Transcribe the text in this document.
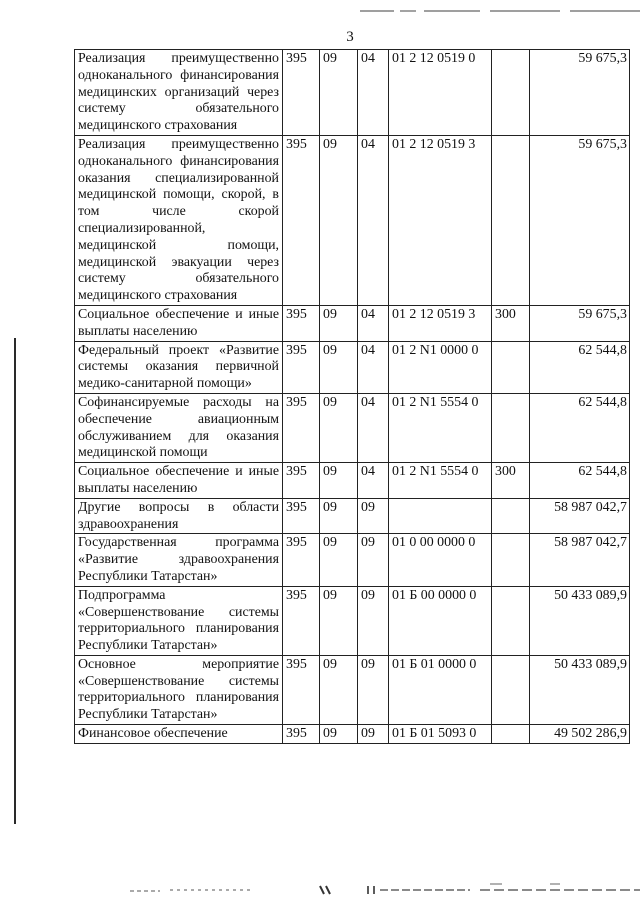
3
Реализация преимущественно одноканального финансирования медицинских организаций через систему обязательного медицинского страхования	395	09	04	01 2 12 0519 0		59 675,3
Реализация преимущественно одноканального финансирования оказания специализированной медицинской помощи, скорой, в том числе скорой специализированной, медицинской помощи, медицинской эвакуации через систему обязательного медицинского страхования	395	09	04	01 2 12 0519 3		59 675,3
Социальное обеспечение и иные выплаты населению	395	09	04	01 2 12 0519 3	300	59 675,3
Федеральный проект «Развитие системы оказания первичной медико-санитарной помощи»	395	09	04	01 2 N1 0000 0		62 544,8
Софинансируемые расходы на обеспечение авиационным обслуживанием для оказания медицинской помощи	395	09	04	01 2 N1 5554 0		62 544,8
Социальное обеспечение и иные выплаты населению	395	09	04	01 2 N1 5554 0	300	62 544,8
Другие вопросы в области здравоохранения	395	09	09			58 987 042,7
Государственная программа «Развитие здравоохранения Республики Татарстан»	395	09	09	01 0 00 0000 0		58 987 042,7
Подпрограмма «Совершенствование системы территориального планирования Республики Татарстан»	395	09	09	01 Б 00 0000 0		50 433 089,9
Основное мероприятие «Совершенствование системы территориального планирования Республики Татарстан»	395	09	09	01 Б 01 0000 0		50 433 089,9
Финансовое обеспечение	395	09	09	01 Б 01 5093 0		49 502 286,9
